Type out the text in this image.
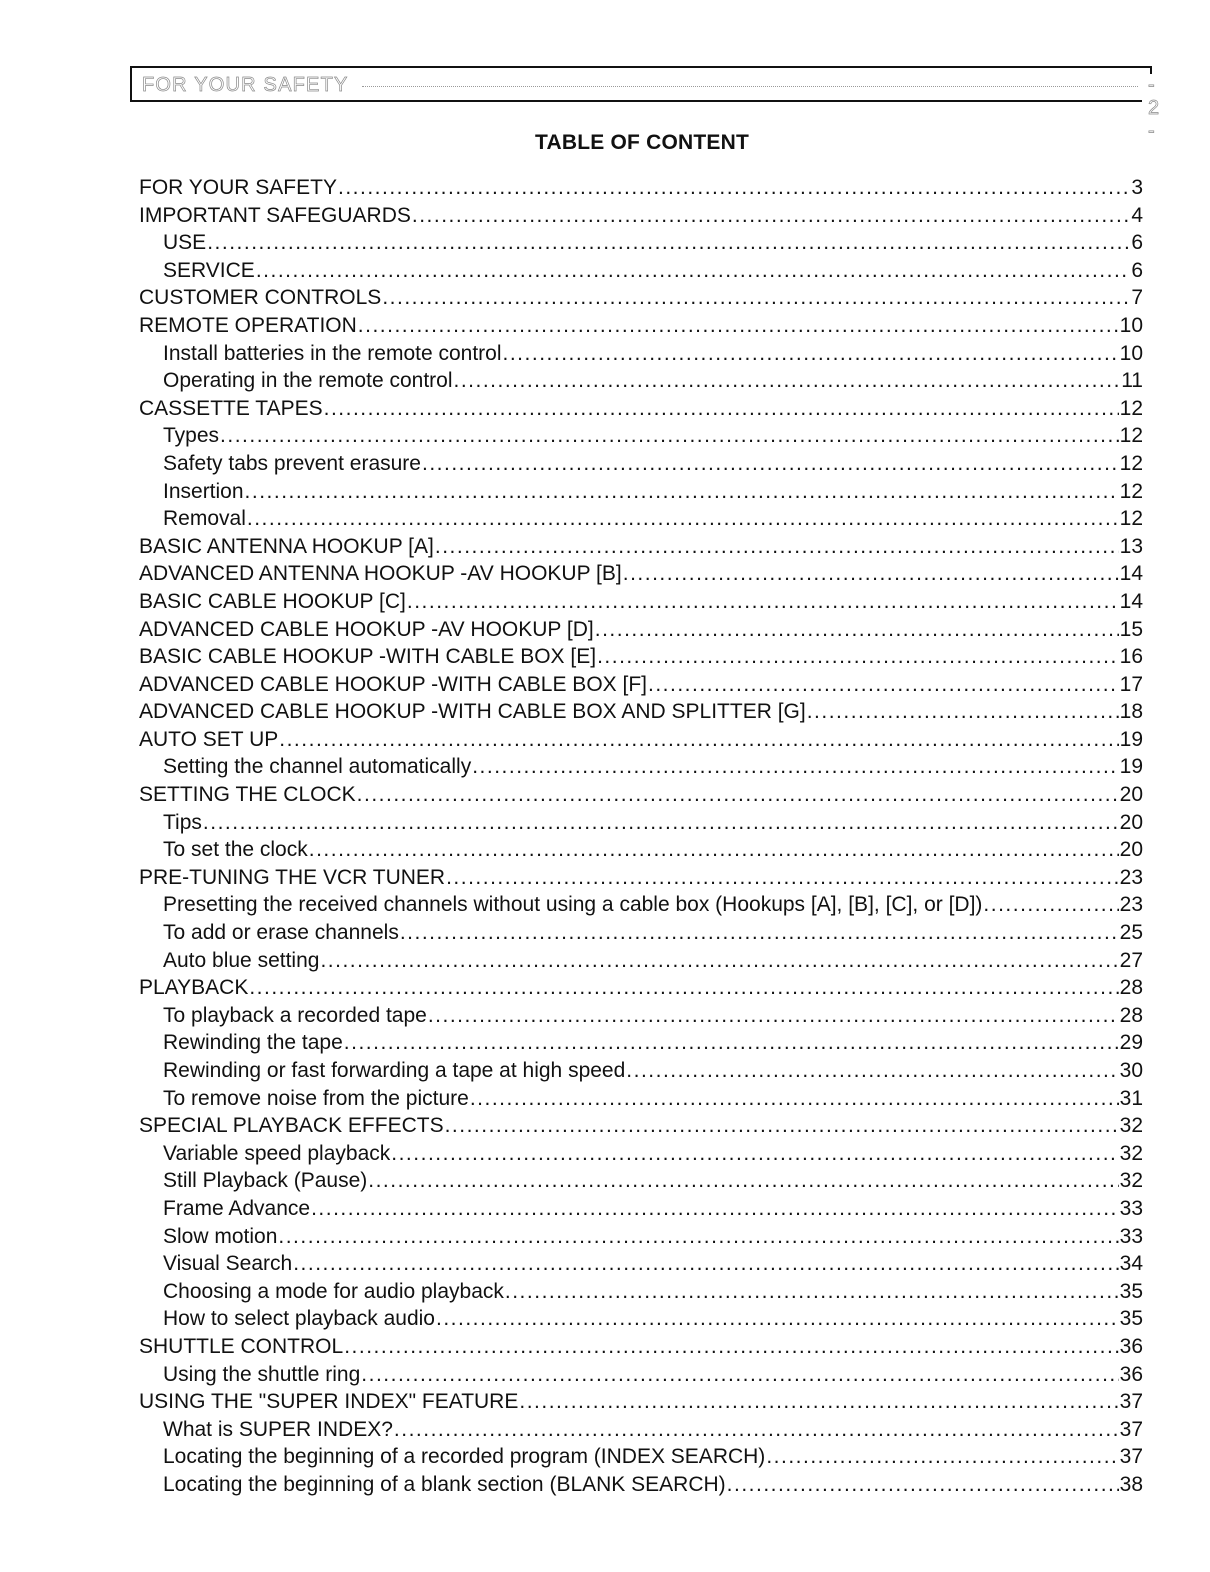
FOR YOUR SAFETY	- 2 -
TABLE OF CONTENT
FOR YOUR SAFETY .....	3
IMPORTANT SAFEGUARDS .....	4
USE .....	6
SERVICE .....	6
CUSTOMER CONTROLS .....	7
REMOTE OPERATION .....	10
Install batteries in the remote control .....	10
Operating in the remote control .....	11
CASSETTE TAPES .....	12
Types .....	12
Safety tabs prevent erasure .....	12
Insertion .....	12
Removal .....	12
BASIC ANTENNA HOOKUP [A] .....	13
ADVANCED ANTENNA HOOKUP -AV HOOKUP [B] .....	14
BASIC CABLE HOOKUP [C] .....	14
ADVANCED CABLE HOOKUP -AV HOOKUP [D] .....	15
BASIC CABLE HOOKUP -WITH CABLE BOX [E] .....	16
ADVANCED CABLE HOOKUP -WITH CABLE BOX [F] .....	17
ADVANCED CABLE HOOKUP -WITH CABLE BOX AND SPLITTER [G] .....	18
AUTO SET UP .....	19
Setting the channel automatically .....	19
SETTING THE CLOCK .....	20
Tips .....	20
To set the clock .....	20
PRE-TUNING THE VCR TUNER .....	23
Presetting the received channels without using a cable box (Hookups [A], [B], [C], or [D]) .....	23
To add or erase channels .....	25
Auto blue setting .....	27
PLAYBACK .....	28
To playback a recorded tape .....	28
Rewinding the tape .....	29
Rewinding or fast forwarding a tape at high speed .....	30
To remove noise from the picture .....	31
SPECIAL PLAYBACK EFFECTS .....	32
Variable speed playback .....	32
Still Playback (Pause) .....	32
Frame Advance .....	33
Slow motion .....	33
Visual Search .....	34
Choosing a mode for audio playback .....	35
How to select playback audio .....	35
SHUTTLE CONTROL .....	36
Using the shuttle ring .....	36
USING THE "SUPER INDEX" FEATURE .....	37
What is SUPER INDEX? .....	37
Locating the beginning of a recorded program (INDEX SEARCH) .....	37
Locating the beginning of a blank section (BLANK SEARCH) .....	38
